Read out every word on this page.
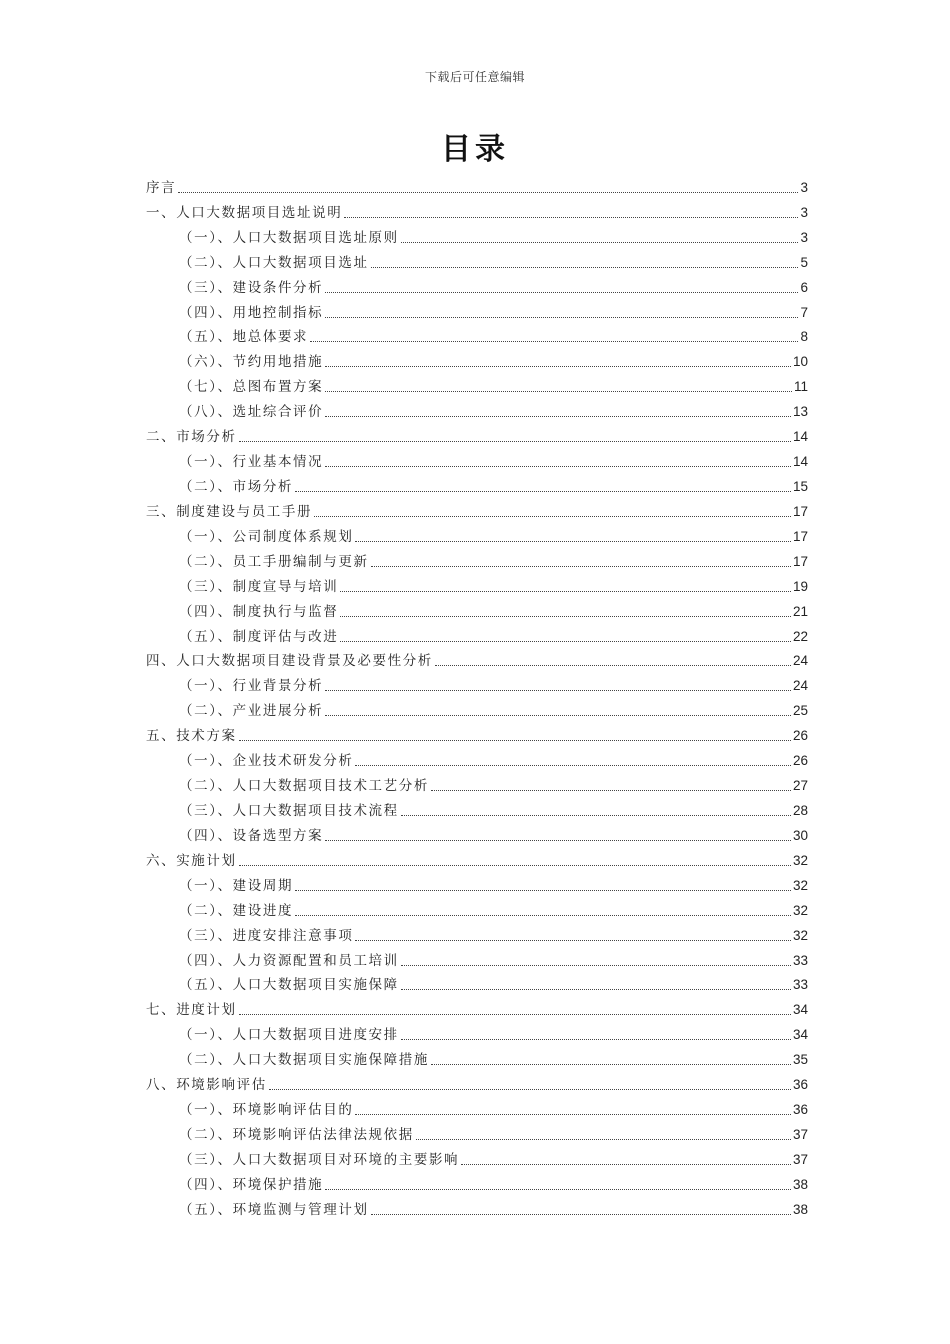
下载后可任意编辑
目录
序言	3
一、人口大数据项目选址说明	3
（一）、人口大数据项目选址原则	3
（二）、人口大数据项目选址	5
（三）、建设条件分析	6
（四）、用地控制指标	7
（五）、地总体要求	8
（六）、节约用地措施	10
（七）、总图布置方案	11
（八）、选址综合评价	13
二、市场分析	14
（一）、行业基本情况	14
（二）、市场分析	15
三、制度建设与员工手册	17
（一）、公司制度体系规划	17
（二）、员工手册编制与更新	17
（三）、制度宣导与培训	19
（四）、制度执行与监督	21
（五）、制度评估与改进	22
四、人口大数据项目建设背景及必要性分析	24
（一）、行业背景分析	24
（二）、产业进展分析	25
五、技术方案	26
（一）、企业技术研发分析	26
（二）、人口大数据项目技术工艺分析	27
（三）、人口大数据项目技术流程	28
（四）、设备选型方案	30
六、实施计划	32
（一）、建设周期	32
（二）、建设进度	32
（三）、进度安排注意事项	32
（四）、人力资源配置和员工培训	33
（五）、人口大数据项目实施保障	33
七、进度计划	34
（一）、人口大数据项目进度安排	34
（二）、人口大数据项目实施保障措施	35
八、环境影响评估	36
（一）、环境影响评估目的	36
（二）、环境影响评估法律法规依据	37
（三）、人口大数据项目对环境的主要影响	37
（四）、环境保护措施	38
（五）、环境监测与管理计划	38
